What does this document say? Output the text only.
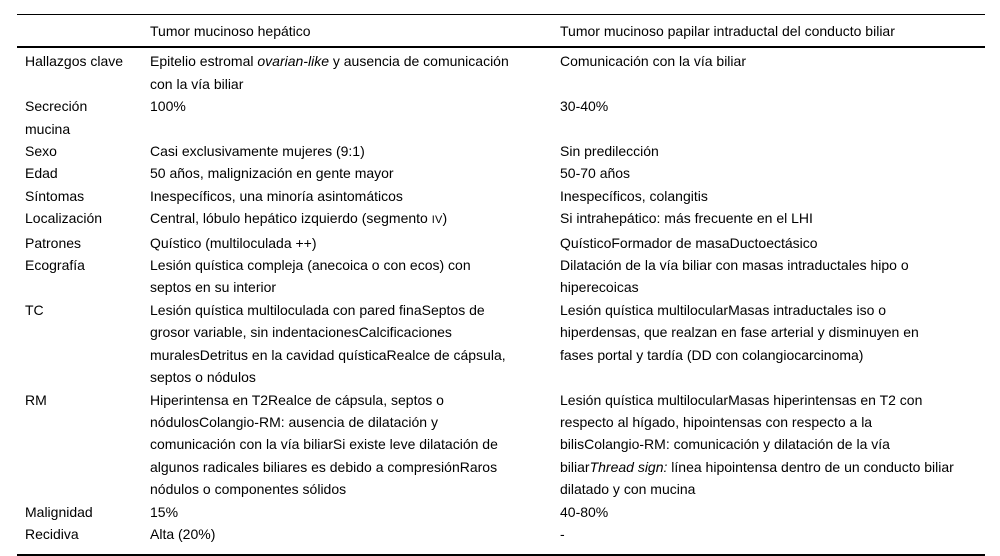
	Tumor mucinoso hepático	Tumor mucinoso papilar intraductal del conducto biliar
Hallazgos clave	Epitelio estromal ovarian-like y ausencia de comunicación con la vía biliar	Comunicación con la vía biliar
Secreción mucina	100%	30-40%
Sexo	Casi exclusivamente mujeres (9:1)	Sin predilección
Edad	50 años, malignización en gente mayor	50-70 años
Síntomas	Inespecíficos, una minoría asintomáticos	Inespecíficos, colangitis
Localización	Central, lóbulo hepático izquierdo (segmento IV)	Si intrahepático: más frecuente en el LHI
Patrones	Quístico (multiloculada ++)	QuísticoFormador de masaDuctoectásico
Ecografía	Lesión quística compleja (anecoica o con ecos) con septos en su interior	Dilatación de la vía biliar con masas intraductales hipo o hiperecoicas
TC	Lesión quística multiloculada con pared finaSeptos de grosor variable, sin indentacionesCalcificaciones muralesDetritus en la cavidad quísticaRealce de cápsula, septos o nódulos	Lesión quística multilocularMasas intraductales iso o hiperdensas, que realzan en fase arterial y disminuyen en fases portal y tardía (DD con colangiocarcinoma)
RM	Hiperintensa en T2Realce de cápsula, septos o nódulosColangio-RM: ausencia de dilatación y comunicación con la vía biliarSi existe leve dilatación de algunos radicales biliares es debido a compresiónRaros nódulos o componentes sólidos	Lesión quística multilocularMasas hiperintensas en T2 con respecto al hígado, hipointensas con respecto a la bilisColangio-RM: comunicación y dilatación de la vía biliarThread sign: línea hipointensa dentro de un conducto biliar dilatado y con mucina
Malignidad	15%	40-80%
Recidiva	Alta (20%)	-
